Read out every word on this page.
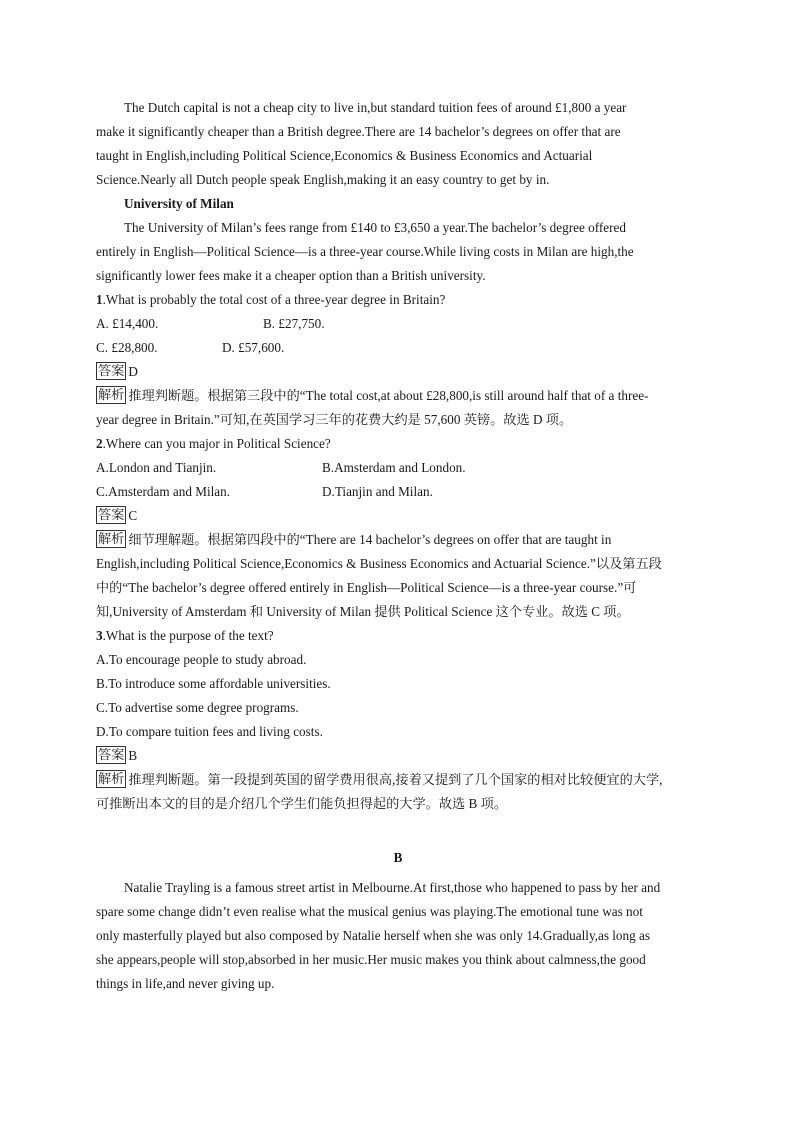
The Dutch capital is not a cheap city to live in,but standard tuition fees of around £1,800 a year
make it significantly cheaper than a British degree.There are 14 bachelor’s degrees on offer that are
taught in English,including Political Science,Economics & Business Economics and Actuarial
Science.Nearly all Dutch people speak English,making it an easy country to get by in.
University of Milan
The University of Milan’s fees range from £140 to £3,650 a year.The bachelor’s degree offered
entirely in English—Political Science—is a three-year course.While living costs in Milan are high,the
significantly lower fees make it a cheaper option than a British university.
1.What is probably the total cost of a three-year degree in Britain?
A. £14,400.	B. £27,750.
C. £28,800.	D. £57,600.
答案 D
解析 推理判断题。根据第三段中的“The total cost,at about £28,800,is still around half that of a three-
year degree in Britain.”可知,在英国学习三年的花费大约是 57,600 英镑。故选 D 项。
2.Where can you major in Political Science?
A.London and Tianjin.	B.Amsterdam and London.
C.Amsterdam and Milan.	D.Tianjin and Milan.
答案 C
解析 细节理解题。根据第四段中的“There are 14 bachelor’s degrees on offer that are taught in
English,including Political Science,Economics & Business Economics and Actuarial Science.”以及第五段
中的“The bachelor’s degree offered entirely in English—Political Science—is a three-year course.”可
知,University of Amsterdam 和 University of Milan 提供 Political Science 这个专业。故选 C 项。
3.What is the purpose of the text?
A.To encourage people to study abroad.
B.To introduce some affordable universities.
C.To advertise some degree programs.
D.To compare tuition fees and living costs.
答案 B
解析 推理判断题。第一段提到英国的留学费用很高,接着又提到了几个国家的相对比较便宜的大学,
可推断出本文的目的是介绍几个学生们能负担得起的大学。故选 B 项。
B
Natalie Trayling is a famous street artist in Melbourne.At first,those who happened to pass by her and
spare some change didn’t even realise what the musical genius was playing.The emotional tune was not
only masterfully played but also composed by Natalie herself when she was only 14.Gradually,as long as
she appears,people will stop,absorbed in her music.Her music makes you think about calmness,the good
things in life,and never giving up.
